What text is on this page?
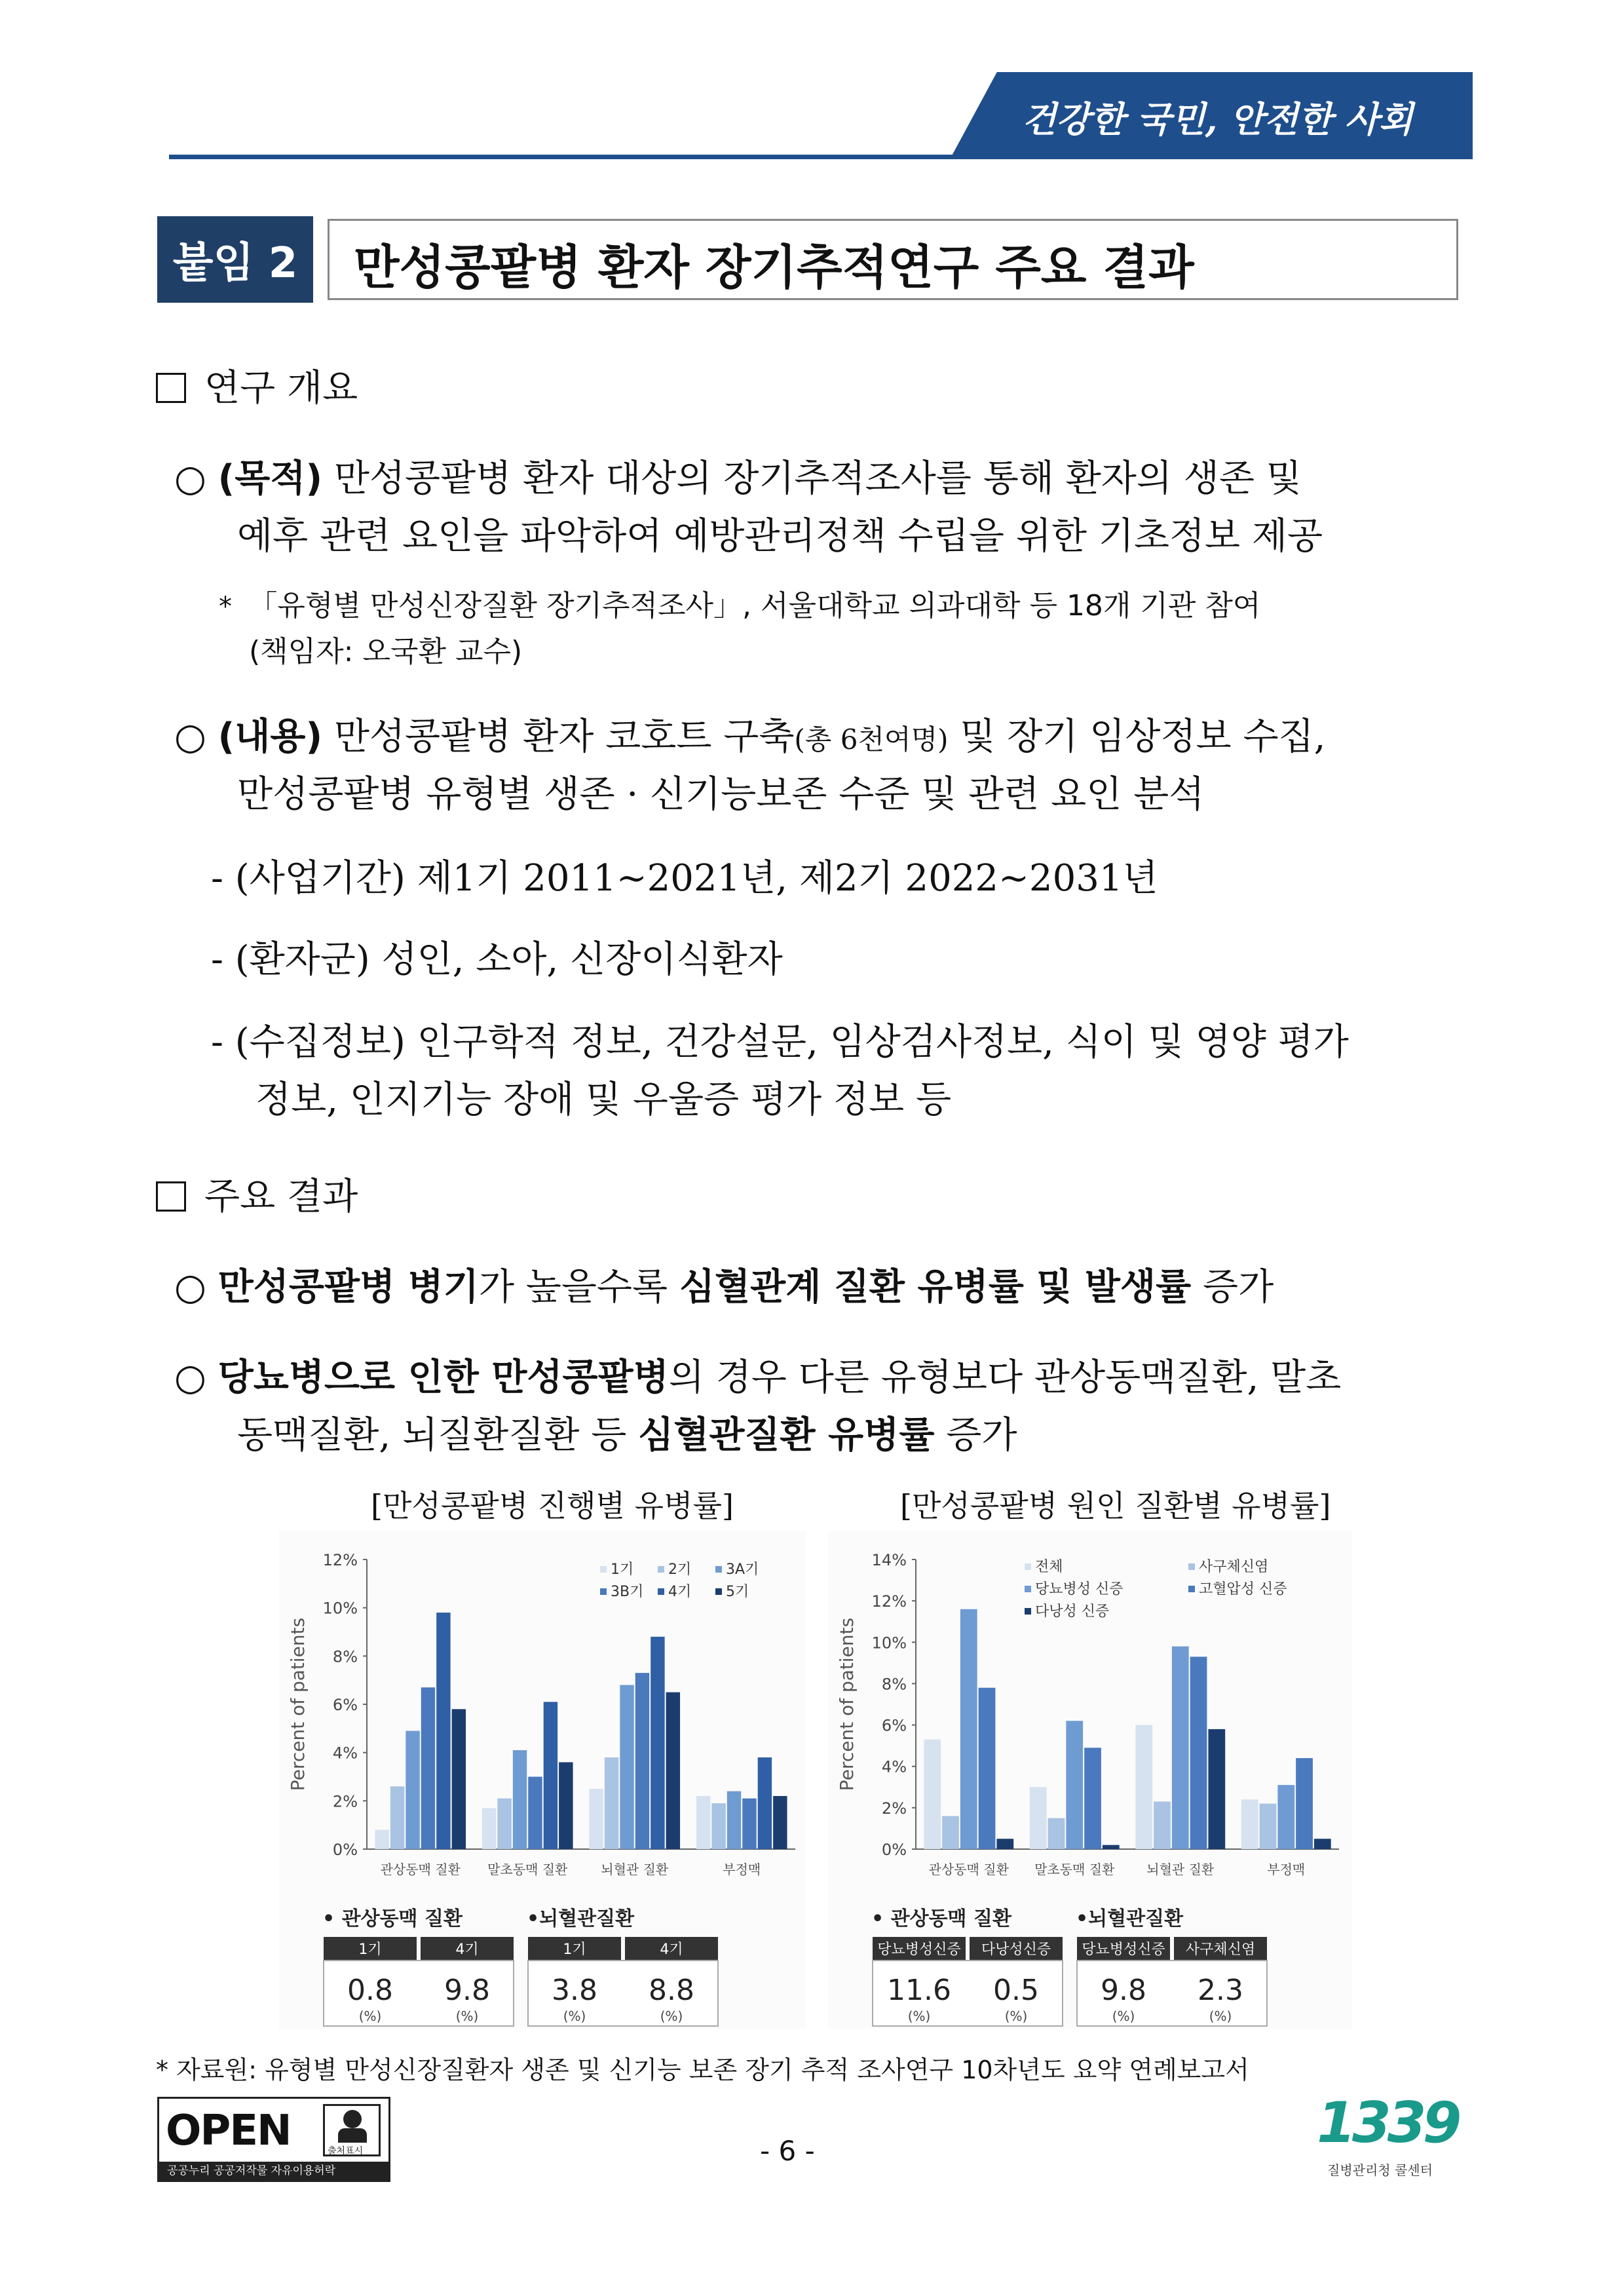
건강한 국민, 안전한 사회
붙임 2	만성콩팥병 환자 장기추적연구 주요 결과
연구 개요
○ (목적) 만성콩팥병 환자 대상의 장기추적조사를 통해 환자의 생존 및
예후 관련 요인을 파악하여 예방관리정책 수립을 위한 기초정보 제공
*  「유형별 만성신장질환 장기추적조사」, 서울대학교 의과대학 등 18개 기관 참여
(책임자: 오국환 교수)
○ (내용) 만성콩팥병 환자 코호트 구축(총 6천여명) 및 장기 임상정보 수집,
만성콩팥병 유형별 생존 · 신기능보존 수준 및 관련 요인 분석
- (사업기간) 제1기 2011~2021년, 제2기 2022~2031년
- (환자군) 성인, 소아, 신장이식환자
- (수집정보) 인구학적 정보, 건강설문, 임상검사정보, 식이 및 영양 평가
정보, 인지기능 장애 및 우울증 평가 정보 등
주요 결과
○ 만성콩팥병 병기가 높을수록 심혈관계 질환 유병률 및 발생률 증가
○ 당뇨병으로 인한 만성콩팥병의 경우 다른 유형보다 관상동맥질환, 말초
동맥질환, 뇌질환질환 등 심혈관질환 유병률 증가
[만성콩팥병 진행별 유병률]	[만성콩팥병 원인 질환별 유병률]
Percent of patients
0%
2%
4%
6%
8%
10%
12%
관상동맥 질환 말초동맥 질환	뇌혈관 질환	부정맥
1기 2기 3A기
3B기 4기 5기
• 관상동맥 질환
1기	4기
0.8 9.8
(%)	(%)
•뇌혈관질환
1기	4기
3.8 8.8
(%)	(%)
Percent of patients
0%
2%
4%
6%
8%
10%
12%
14%
관상동맥 질환 말초동맥 질환 뇌혈관 질환	부정맥
전체	사구체신염
당뇨병성 신증	고혈압성 신증
다낭성 신증
• 관상동맥 질환
당뇨병성신증 다낭성신증
11.6 0.5
(%)	(%)
•뇌혈관질환
당뇨병성신증 사구체신염
9.8 2.3
(%)	(%)
* 자료원: 유형별 만성신장질환자 생존 및 신기능 보존 장기 추적 조사연구 10차년도 요약 연례보고서
OPEN	출처표시
공공누리 공공저작물 자유이용허락
- 6 -	1339
질병관리청 콜센터
